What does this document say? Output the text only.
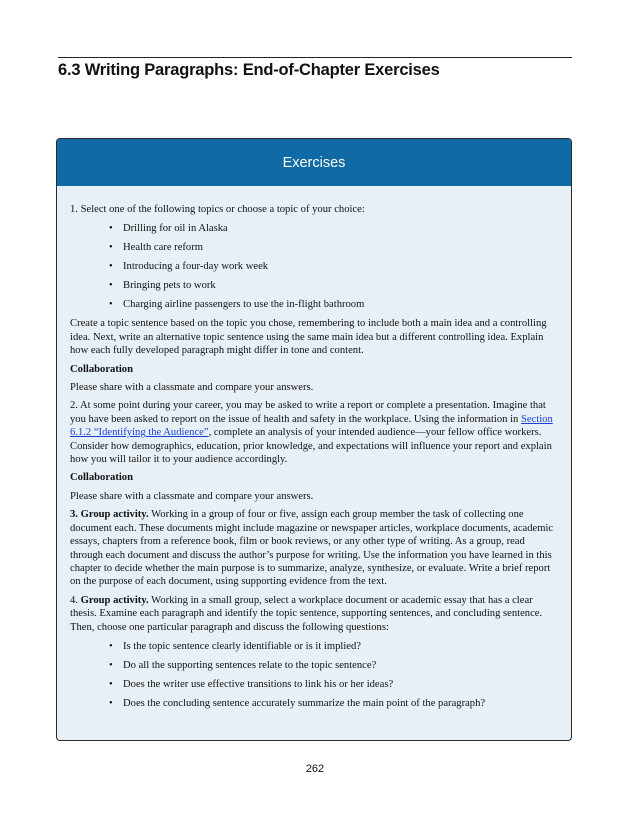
6.3 Writing Paragraphs: End-of-Chapter Exercises
Exercises

1. Select one of the following topics or choose a topic of your choice:

• Drilling for oil in Alaska
• Health care reform
• Introducing a four-day work week
• Bringing pets to work
• Charging airline passengers to use the in-flight bathroom

Create a topic sentence based on the topic you chose, remembering to include both a main idea and a controlling idea. Next, write an alternative topic sentence using the same main idea but a different controlling idea. Explain how each fully developed paragraph might differ in tone and content.

Collaboration

Please share with a classmate and compare your answers.

2. At some point during your career, you may be asked to write a report or complete a presentation. Imagine that you have been asked to report on the issue of health and safety in the workplace. Using the information in Section 6.1.2 “Identifying the Audience”, complete an analysis of your intended audience—your fellow office workers. Consider how demographics, education, prior knowledge, and expectations will influence your report and explain how you will tailor it to your audience accordingly.

Collaboration

Please share with a classmate and compare your answers.

3. Group activity. Working in a group of four or five, assign each group member the task of collecting one document each. These documents might include magazine or newspaper articles, workplace documents, academic essays, chapters from a reference book, film or book reviews, or any other type of writing. As a group, read through each document and discuss the author’s purpose for writing. Use the information you have learned in this chapter to decide whether the main purpose is to summarize, analyze, synthesize, or evaluate. Write a brief report on the purpose of each document, using supporting evidence from the text.

4. Group activity. Working in a small group, select a workplace document or academic essay that has a clear thesis. Examine each paragraph and identify the topic sentence, supporting sentences, and concluding sentence. Then, choose one particular paragraph and discuss the following questions:

• Is the topic sentence clearly identifiable or is it implied?
• Do all the supporting sentences relate to the topic sentence?
• Does the writer use effective transitions to link his or her ideas?
• Does the concluding sentence accurately summarize the main point of the paragraph?
262
